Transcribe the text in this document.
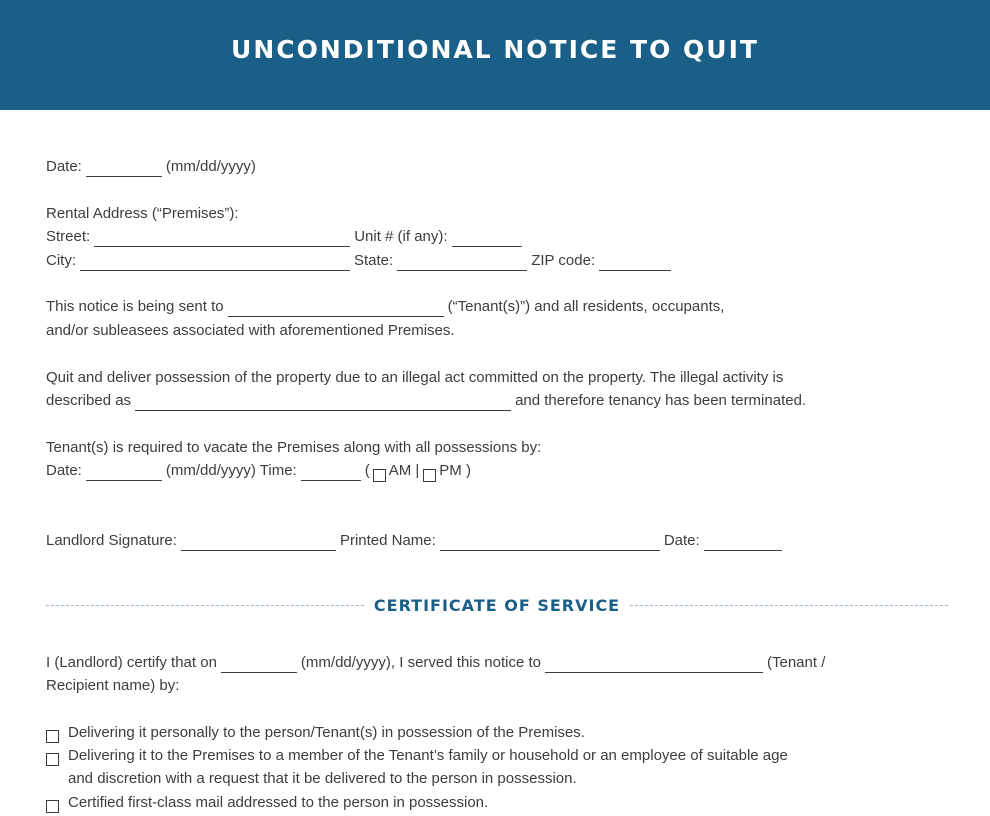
UNCONDITIONAL NOTICE TO QUIT
Date:	(mm/dd/yyyy)
Rental Address (“Premises”):
Street:	Unit # (if any):
City:	State:	ZIP code:
This notice is being sent to	(“Tenant(s)”) and all residents, occupants,
and/or subleasees associated with aforementioned Premises.
Quit and deliver possession of the property due to an illegal act committed on the property. The illegal activity is
described as	and therefore tenancy has been terminated.
Tenant(s) is required to vacate the Premises along with all possessions by:
Date:	(mm/dd/yyyy) Time:	( AM | PM )
Landlord Signature:	Printed Name:	Date:
CERTIFICATE OF SERVICE
I (Landlord) certify that on	(mm/dd/yyyy), I served this notice to	(Tenant /
Recipient name) by:
Delivering it personally to the person/Tenant(s) in possession of the Premises.
Delivering it to the Premises to a member of the Tenant’s family or household or an employee of suitable age
and discretion with a request that it be delivered to the person in possession.
Certified first-class mail addressed to the person in possession.
